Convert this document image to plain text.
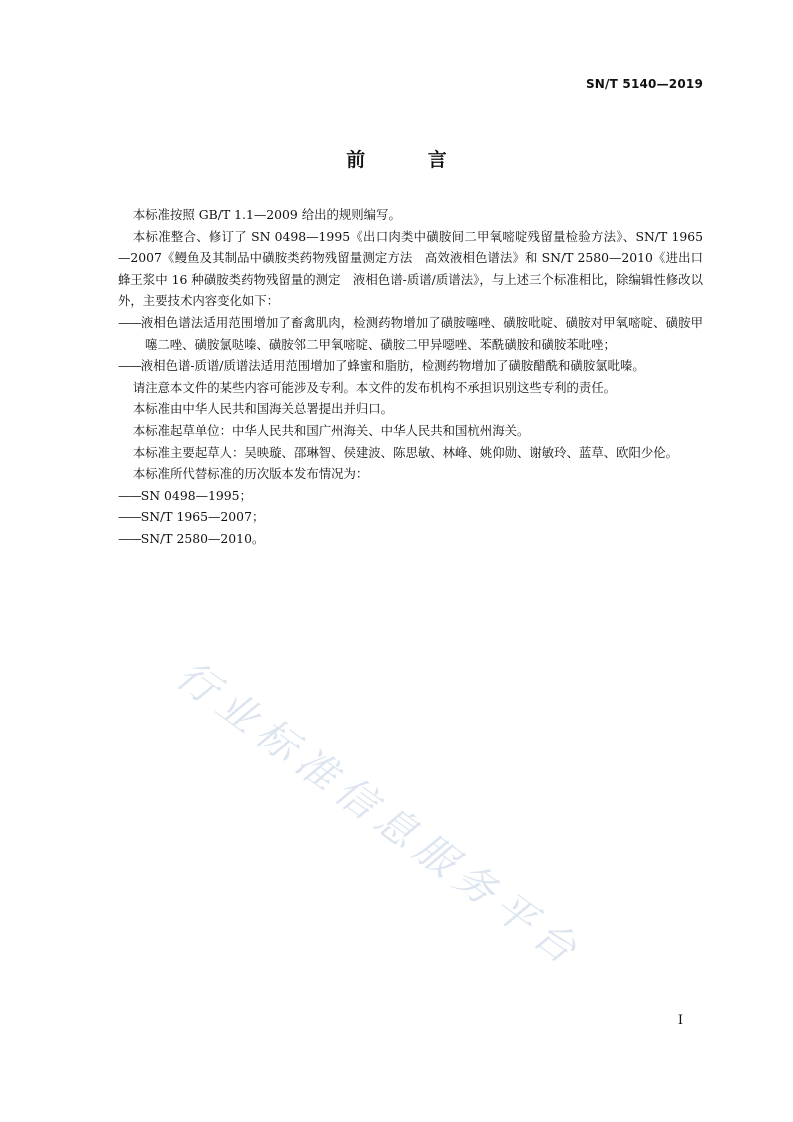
SN/T 5140—2019
前 言

本标准按照 GB/T 1.1—2009 给出的规则编写。

本标准整合、修订了 SN 0498—1995《出口肉类中磺胺间二甲氧嘧啶残留量检验方法》、SN/T 1965—2007《鳗鱼及其制品中磺胺类药物残留量测定方法　高效液相色谱法》和 SN/T 2580—2010《进出口蜂王浆中 16 种磺胺类药物残留量的测定　液相色谱-质谱/质谱法》，与上述三个标准相比，除编辑性修改以外，主要技术内容变化如下：

——液相色谱法适用范围增加了畜禽肌肉，检测药物增加了磺胺噻唑、磺胺吡啶、磺胺对甲氧嘧啶、磺胺甲噻二唑、磺胺氯哒嗪、磺胺邻二甲氧嘧啶、磺胺二甲异噁唑、苯酰磺胺和磺胺苯吡唑；

——液相色谱-质谱/质谱法适用范围增加了蜂蜜和脂肪，检测药物增加了磺胺醋酰和磺胺氯吡嗪。

请注意本文件的某些内容可能涉及专利。本文件的发布机构不承担识别这些专利的责任。

本标准由中华人民共和国海关总署提出并归口。

本标准起草单位：中华人民共和国广州海关、中华人民共和国杭州海关。

本标准主要起草人：吴映璇、邵琳智、侯建波、陈思敏、林峰、姚仰勋、谢敏玲、蓝草、欧阳少伦。

本标准所代替标准的历次版本发布情况为：

——SN 0498—1995；

——SN/T 1965—2007；

——SN/T 2580—2010。

行业标准信息服务平台
I
